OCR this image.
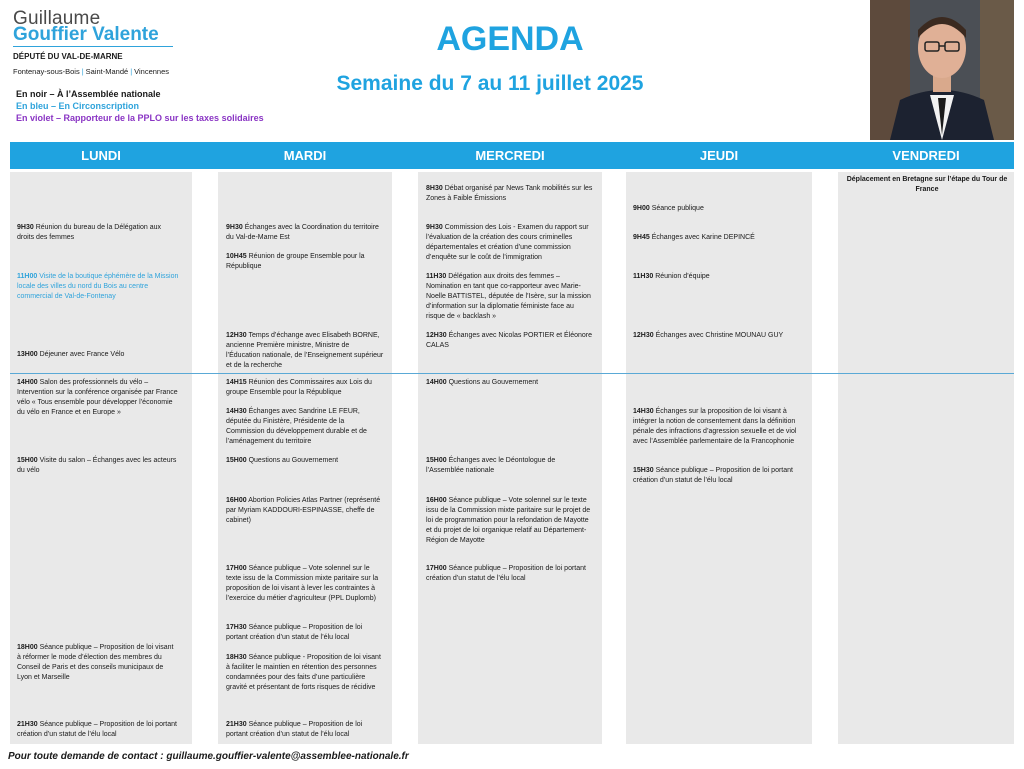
Guillaume
Gouffier Valente
DÉPUTÉ DU VAL-DE-MARNE
Fontenay-sous-Bois | Saint-Mandé | Vincennes
En noir – À l’Assemblée nationale
En bleu – En Circonscription
En violet – Rapporteur de la PPLO sur les taxes solidaires
AGENDA
Semaine du 7 au 11 juillet 2025
LUNDI	MARDI	MERCREDI	JEUDI	VENDREDI
9H30 Réunion du bureau de la Délégation aux droits des femmes
11H00 Visite de la boutique éphémère de la Mission locale des villes du nord du Bois au centre commercial de Val-de-Fontenay
13H00 Déjeuner avec France Vélo
14H00 Salon des professionnels du vélo – Intervention sur la conférence organisée par France vélo « Tous ensemble pour développer l’économie du vélo en France et en Europe »
15H00 Visite du salon – Échanges avec les acteurs du vélo
18H00 Séance publique – Proposition de loi visant à réformer le mode d’élection des membres du Conseil de Paris et des conseils municipaux de Lyon et Marseille
21H30 Séance publique – Proposition de loi portant création d’un statut de l’élu local
9H30 Échanges avec la Coordination du territoire du Val-de-Marne Est
10H45 Réunion de groupe Ensemble pour la République
12H30 Temps d’échange avec Elisabeth BORNE, ancienne Première ministre, Ministre de l’Éducation nationale, de l’Enseignement supérieur et de la recherche
14H15 Réunion des Commissaires aux Lois du groupe Ensemble pour la République
14H30 Échanges avec Sandrine LE FEUR, députée du Finistère, Présidente de la Commission du développement durable et de l’aménagement du territoire
15H00 Questions au Gouvernement
16H00 Abortion Policies Atlas Partner (représenté par Myriam KADDOURI-ESPINASSE, cheffe de cabinet)
17H00 Séance publique – Vote solennel sur le texte issu de la Commission mixte paritaire sur la proposition de loi visant à lever les contraintes à l’exercice du métier d’agriculteur (PPL Duplomb)
17H30 Séance publique – Proposition de loi portant création d’un statut de l’élu local
18H30 Séance publique - Proposition de loi visant à faciliter le maintien en rétention des personnes condamnées pour des faits d’une particulière gravité et présentant de forts risques de récidive
21H30 Séance publique – Proposition de loi portant création d’un statut de l’élu local
8H30 Débat organisé par News Tank mobilités sur les Zones à Faible Émissions
9H30 Commission des Lois - Examen du rapport sur l’évaluation de la création des cours criminelles départementales et création d’une commission d’enquête sur le coût de l’immigration
11H30 Délégation aux droits des femmes – Nomination en tant que co-rapporteur avec Marie-Noelle BATTISTEL, députée de l’Isère, sur la mission d’information sur la diplomatie féministe face au risque de « backlash »
12H30 Échanges avec Nicolas PORTIER et Éléonore CALAS
14H00 Questions au Gouvernement
15H00 Échanges avec le Déontologue de l’Assemblée nationale
16H00 Séance publique – Vote solennel sur le texte issu de la Commission mixte paritaire sur le projet de loi de programmation pour la refondation de Mayotte et du projet de loi organique relatif au Département-Région de Mayotte
17H00 Séance publique – Proposition de loi portant création d’un statut de l’élu local
9H00 Séance publique
9H45 Échanges avec Karine DEPINCÉ
11H30 Réunion d’équipe
12H30 Échanges avec Christine MOUNAU GUY
14H30 Échanges sur la proposition de loi visant à intégrer la notion de consentement dans la définition pénale des infractions d’agression sexuelle et de viol avec l’Assemblée parlementaire de la Francophonie
15H30 Séance publique – Proposition de loi portant création d’un statut de l’élu local
Déplacement en Bretagne sur l’étape du Tour de France
Pour toute demande de contact : guillaume.gouffier-valente@assemblee-nationale.fr
